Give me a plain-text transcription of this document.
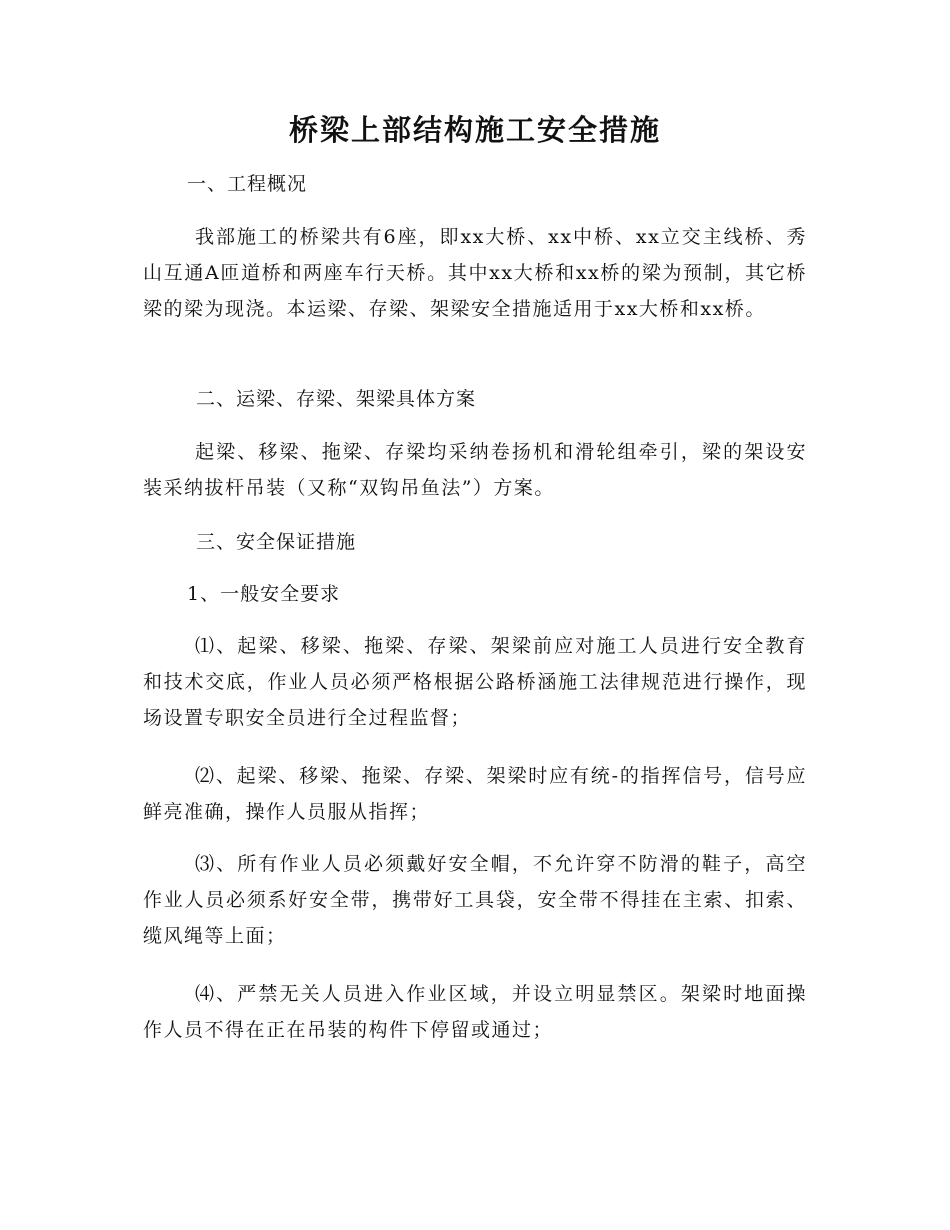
桥梁上部结构施工安全措施

一、工程概况

我部施工的桥梁共有6座，即xx大桥、xx中桥、xx立交主线桥、秀山互通A匝道桥和两座车行天桥。其中xx大桥和xx桥的梁为预制，其它桥梁的梁为现浇。本运梁、存梁、架梁安全措施适用于xx大桥和xx桥。

二、运梁、存梁、架梁具体方案

起梁、移梁、拖梁、存梁均采纳卷扬机和滑轮组牵引，梁的架设安装采纳拔杆吊装（又称“双钩吊鱼法”）方案。

三、安全保证措施

1、一般安全要求

⑴、起梁、移梁、拖梁、存梁、架梁前应对施工人员进行安全教育和技术交底，作业人员必须严格根据公路桥涵施工法律规范进行操作，现场设置专职安全员进行全过程监督；

⑵、起梁、移梁、拖梁、存梁、架梁时应有统-的指挥信号，信号应鲜亮准确，操作人员服从指挥；

⑶、所有作业人员必须戴好安全帽，不允许穿不防滑的鞋子，高空作业人员必须系好安全带，携带好工具袋，安全带不得挂在主索、扣索、缆风绳等上面；

⑷、严禁无关人员进入作业区域，并设立明显禁区。架梁时地面操作人员不得在正在吊装的构件下停留或通过；
